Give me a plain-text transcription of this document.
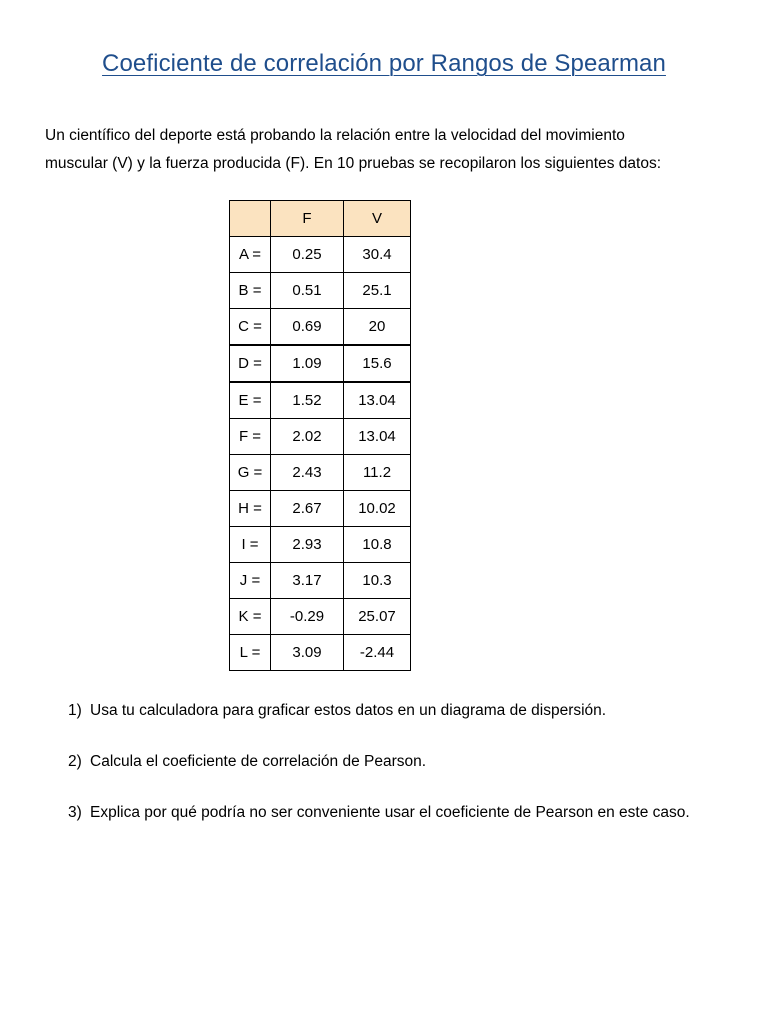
Coeficiente de correlación por Rangos de Spearman

Un científico del deporte está probando la relación entre la velocidad del movimiento

muscular (V) y la fuerza producida (F). En 10 pruebas se recopilaron los siguientes datos:

	F	V
A =	0.25	30.4
B =	0.51	25.1
C =	0.69	20
D =	1.09	15.6
E =	1.52	13.04
F =	2.02	13.04
G =	2.43	11.2
H =	2.67	10.02
I =	2.93	10.8
J =	3.17	10.3
K =	-0.29	25.07
L =	3.09	-2.44
1) Usa tu calculadora para graficar estos datos en un diagrama de dispersión.
2) Calcula el coeficiente de correlación de Pearson.
3) Explica por qué podría no ser conveniente usar el coeficiente de Pearson en este caso.
